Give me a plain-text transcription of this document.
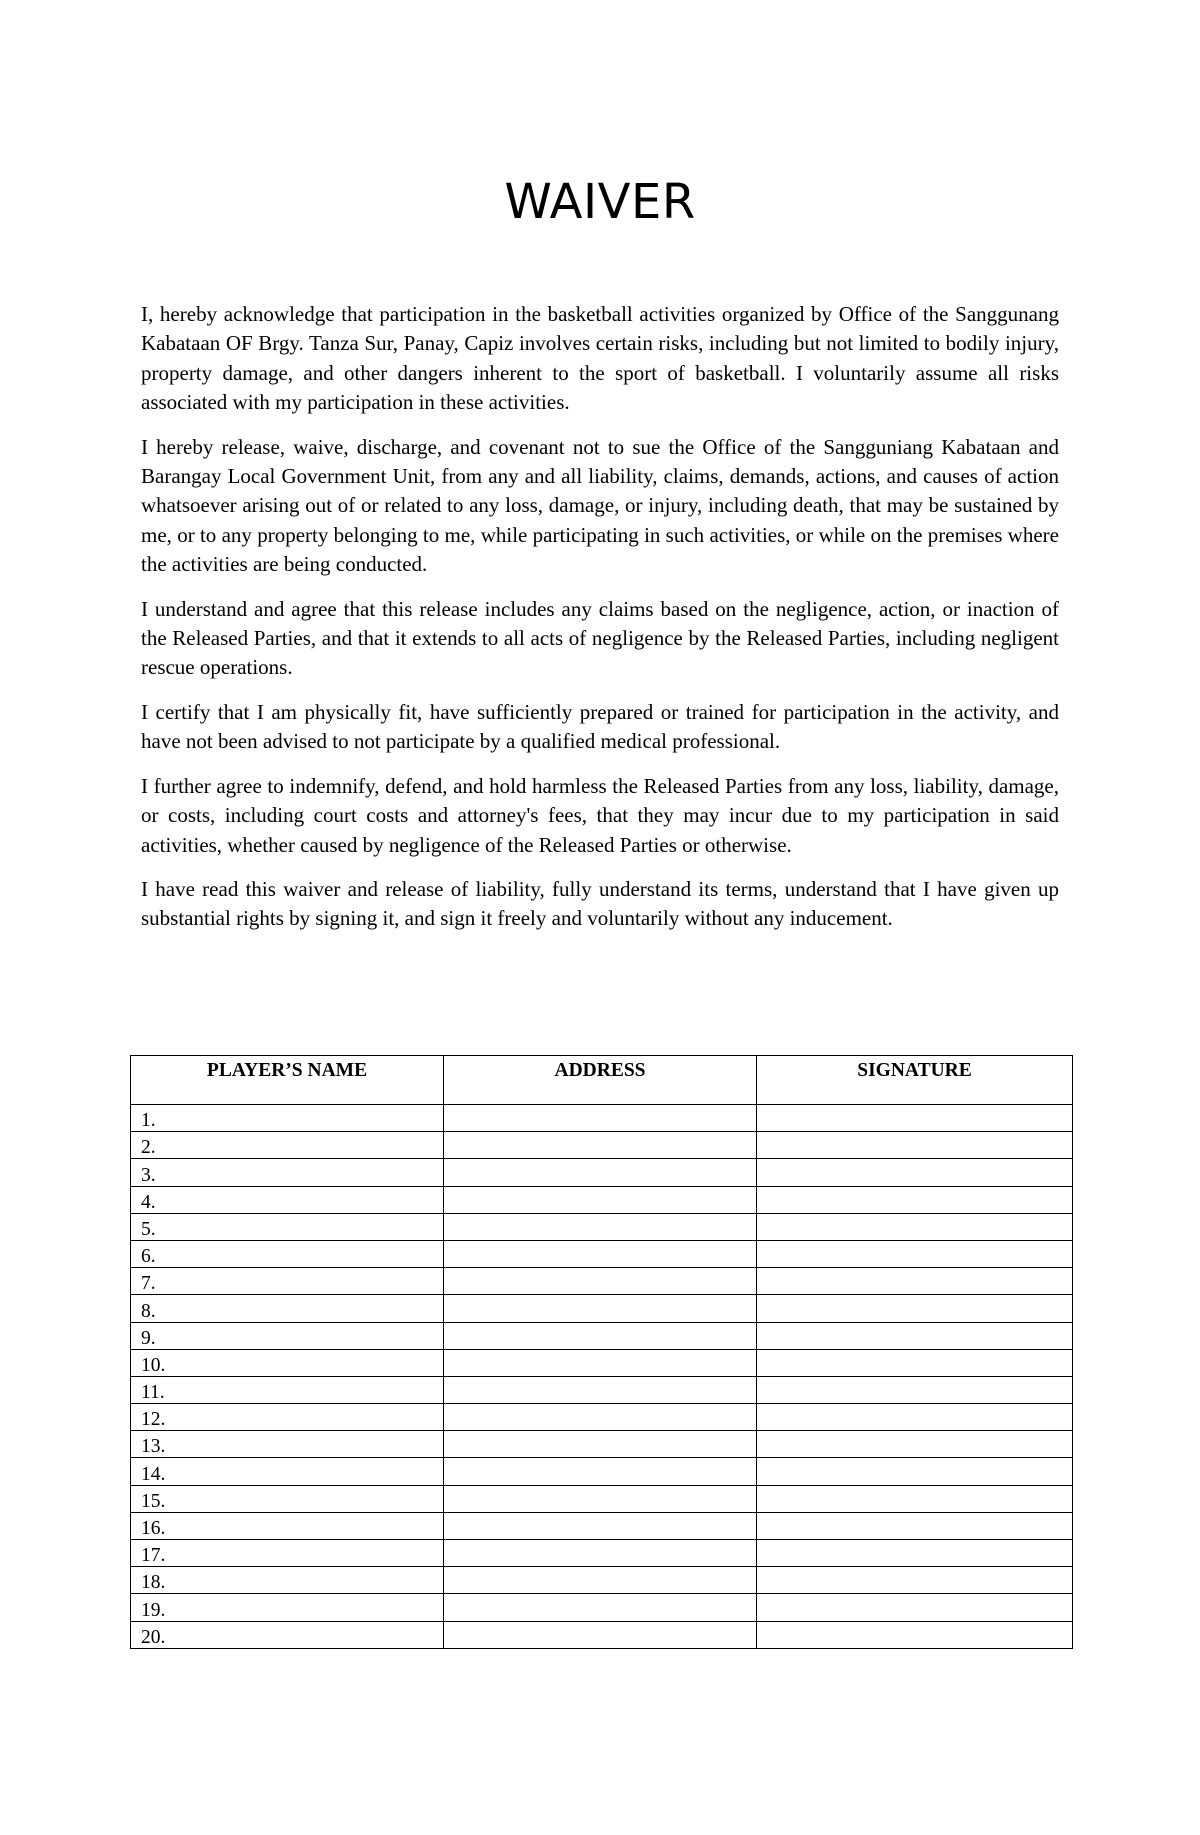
WAIVER

I, hereby acknowledge that participation in the basketball activities organized by Office of the Sanggunang Kabataan OF Brgy. Tanza Sur, Panay, Capiz involves certain risks, including but not limited to bodily injury, property damage, and other dangers inherent to the sport of basketball. I voluntarily assume all risks associated with my participation in these activities.

I hereby release, waive, discharge, and covenant not to sue the Office of the Sangguniang Kabataan and Barangay Local Government Unit, from any and all liability, claims, demands, actions, and causes of action whatsoever arising out of or related to any loss, damage, or injury, including death, that may be sustained by me, or to any property belonging to me, while participating in such activities, or while on the premises where the activities are being conducted.

I understand and agree that this release includes any claims based on the negligence, action, or inaction of the Released Parties, and that it extends to all acts of negligence by the Released Parties, including negligent rescue operations.

I certify that I am physically fit, have sufficiently prepared or trained for participation in the activity, and have not been advised to not participate by a qualified medical professional.

I further agree to indemnify, defend, and hold harmless the Released Parties from any loss, liability, damage, or costs, including court costs and attorney's fees, that they may incur due to my participation in said activities, whether caused by negligence of the Released Parties or otherwise.

I have read this waiver and release of liability, fully understand its terms, understand that I have given up substantial rights by signing it, and sign it freely and voluntarily without any inducement.

PLAYER’S NAME	ADDRESS	SIGNATURE
1.		
2.		
3.		
4.		
5.		
6.		
7.		
8.		
9.		
10.		
11.		
12.		
13.		
14.		
15.		
16.		
17.		
18.		
19.		
20.		
